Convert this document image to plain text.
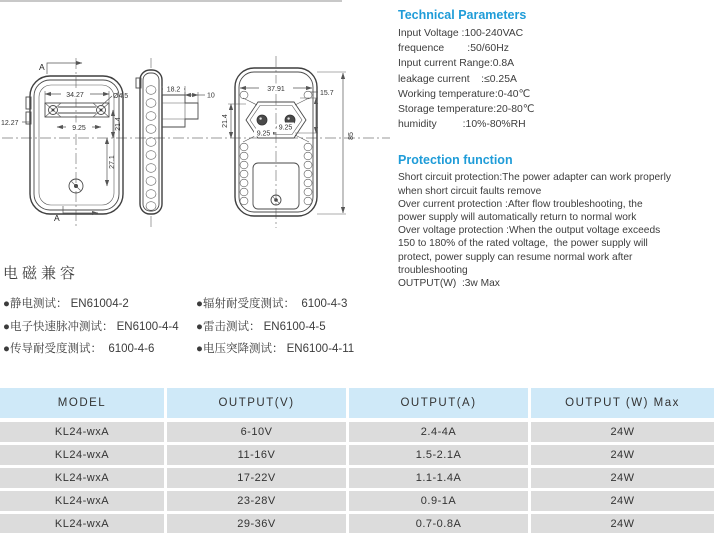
A
34.27	Ø4.5
12.27
9.25	21.4
27.1
A
18.2
10
37.91
15.7
21.4
9.25
9.25	85
Technical Parameters
Input Voltage :100-240VAC
frequence        :50/60Hz
Input current Range:0.8A
leakage current    :≤0.25A
Working temperature:0-40℃
Storage temperature:20-80℃
humidity         :10%-80%RH
Protection function
Short circuit protection:The power adapter can work properly
when short circuit faults remove
Over current protection :After flow troubleshooting, the
power supply will automatically return to normal work
Over voltage protection :When the output voltage exceeds
150 to 180% of the rated voltage,  the power supply will
protect, power supply can resume normal work after
troubleshooting
OUTPUT(W)  :3w Max
电磁兼容
●静电测试： EN61004-2
●电子快速脉冲测试： EN6100-4-4
●传导耐受度测试：  6100-4-6
●辐射耐受度测试：  6100-4-3
●雷击测试： EN6100-4-5
●电压突降测试： EN6100-4-11
MODEL	OUTPUT(V)	OUTPUT(A)	OUTPUT (W) Max
KL24-wxA	6-10V	2.4-4A	24W
KL24-wxA	11-16V	1.5-2.1A	24W
KL24-wxA	17-22V	1.1-1.4A	24W
KL24-wxA	23-28V	0.9-1A	24W
KL24-wxA	29-36V	0.7-0.8A	24W
